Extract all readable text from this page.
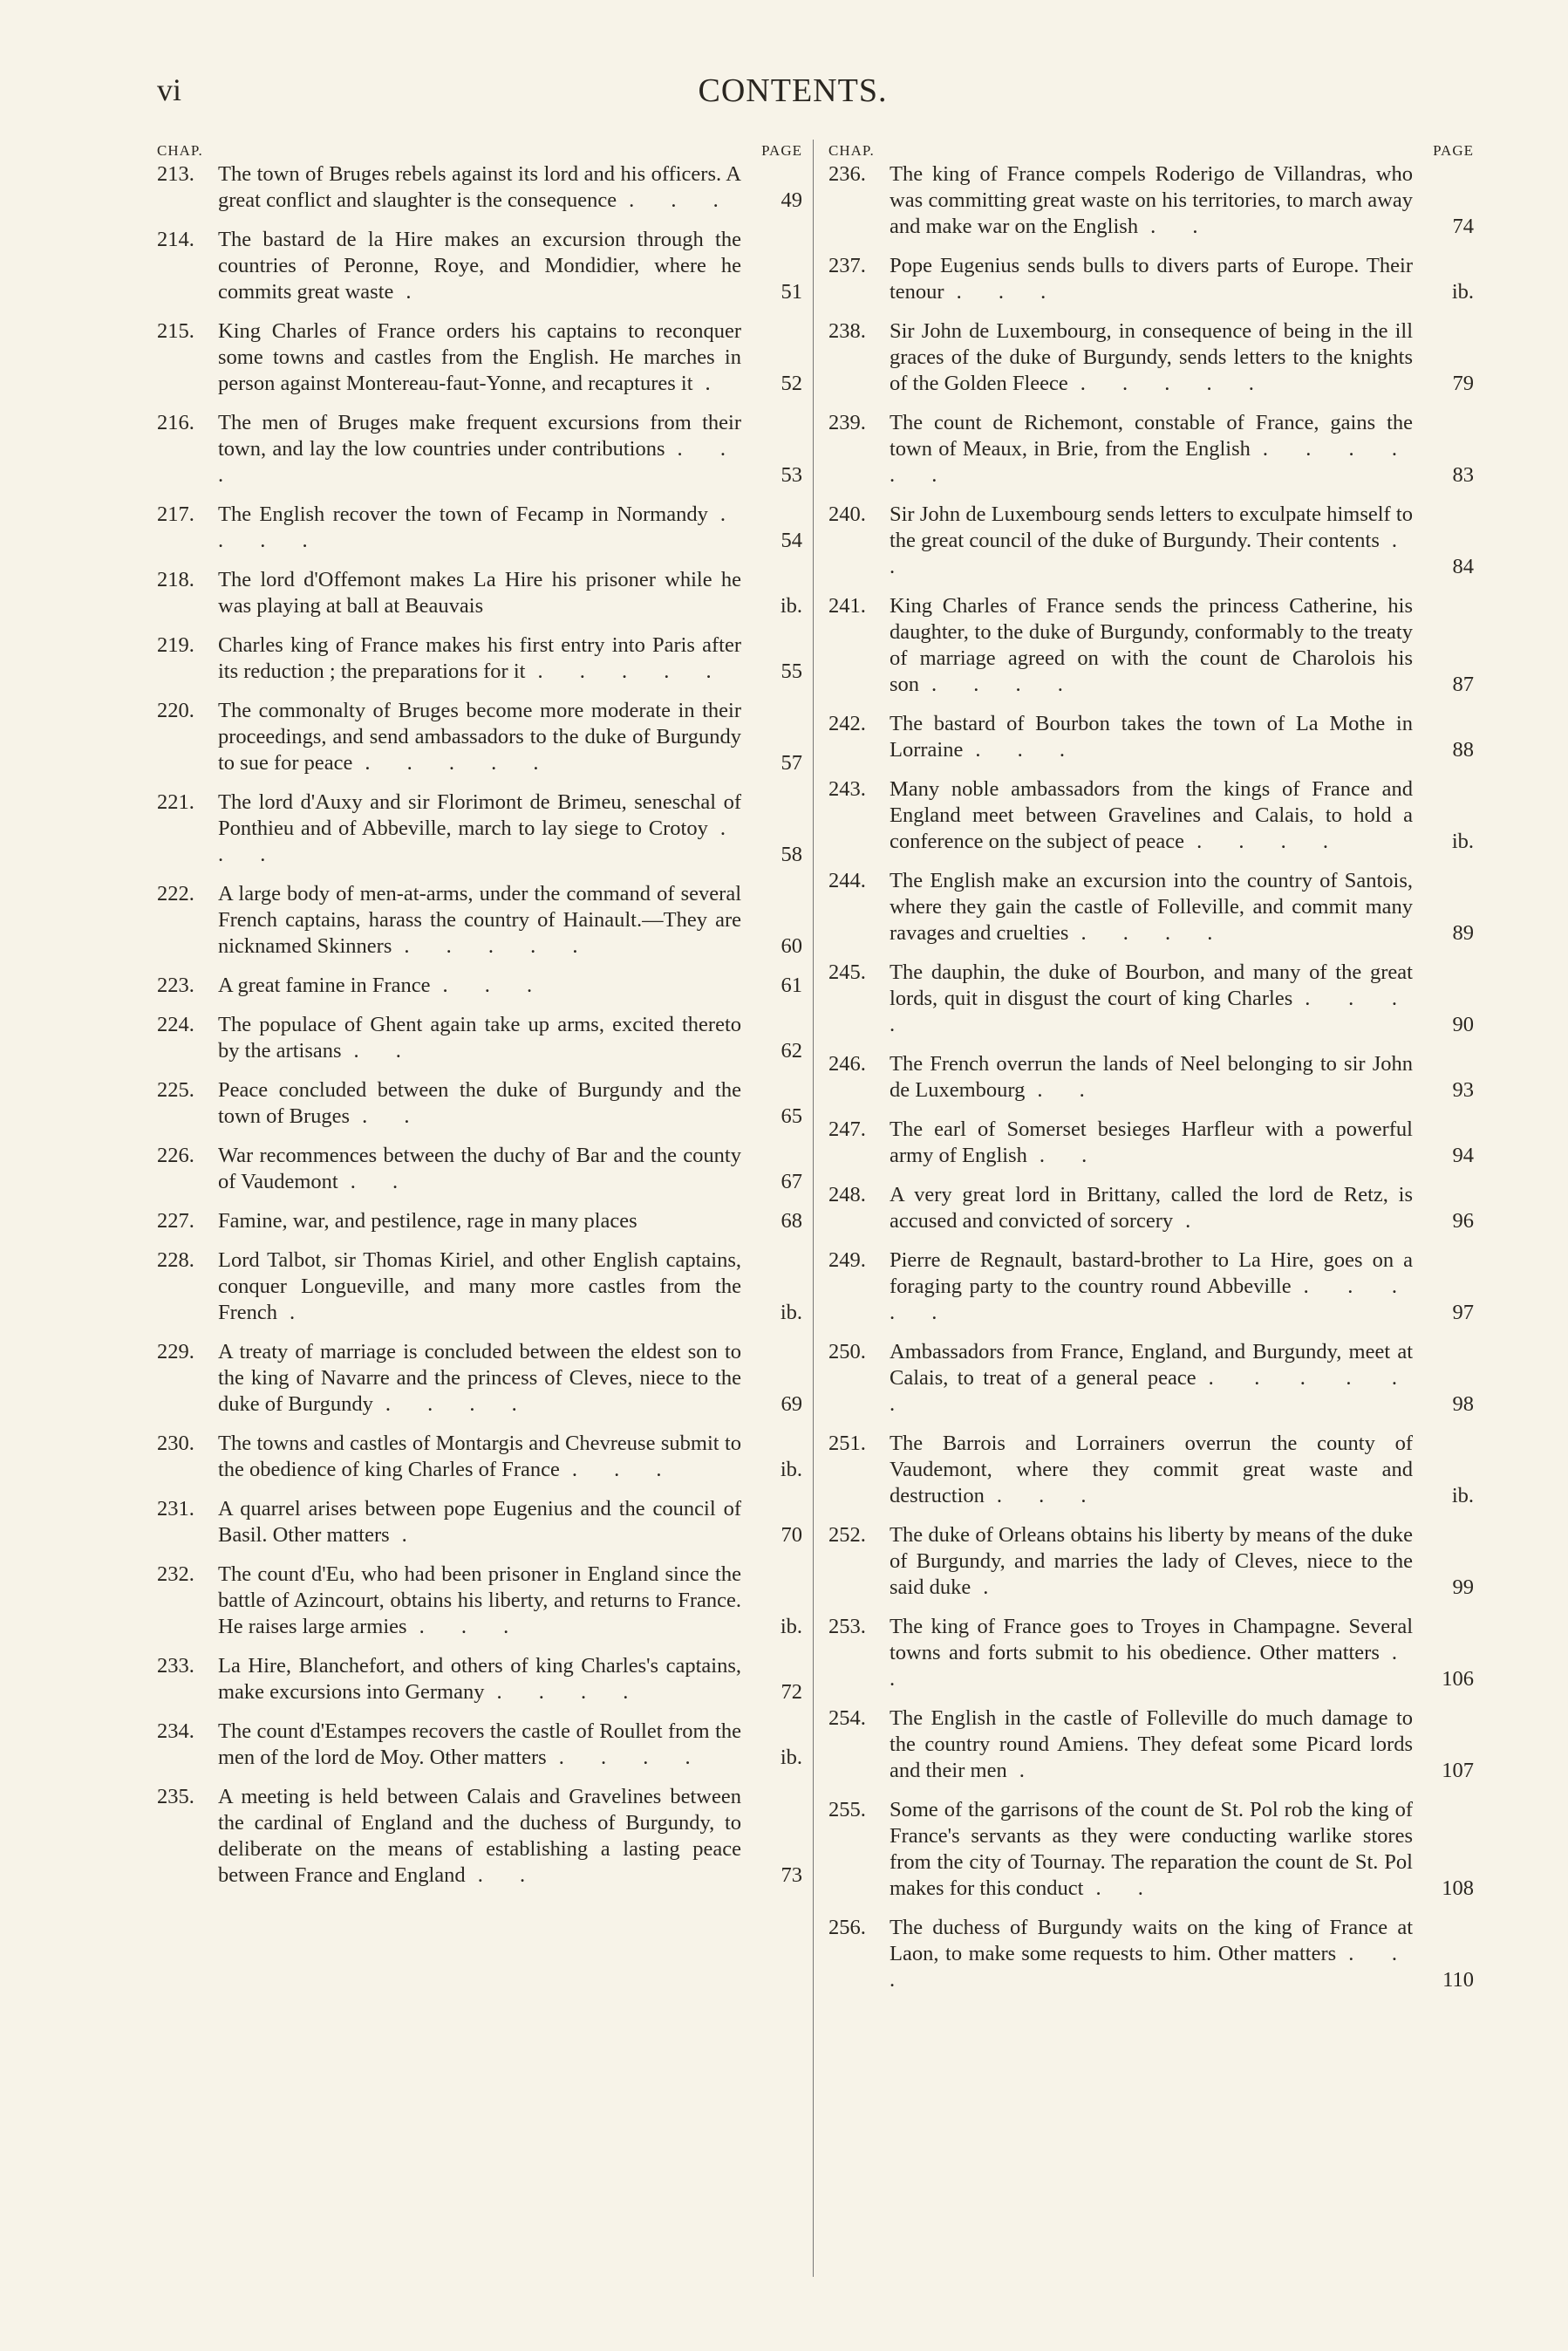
vi	CONTENTS.
CHAP.	PAGE
213.	The town of Bruges rebels against its lord and his officers. A great conflict and slaughter is the consequence . . .	49
214.	The bastard de la Hire makes an excursion through the countries of Peronne, Roye, and Mondidier, where he commits great waste .	51
215.	King Charles of France orders his captains to reconquer some towns and castles from the English. He marches in person against Montereau-faut-Yonne, and recaptures it .	52
216.	The men of Bruges make frequent excursions from their town, and lay the low countries under contributions . . .	53
217.	The English recover the town of Fecamp in Normandy . . . .	54
218.	The lord d'Offemont makes La Hire his prisoner while he was playing at ball at Beauvais	ib.
219.	Charles king of France makes his first entry into Paris after its reduction ; the preparations for it . . . . .	55
220.	The commonalty of Bruges become more moderate in their proceedings, and send ambassadors to the duke of Burgundy to sue for peace . . . . .	57
221.	The lord d'Auxy and sir Florimont de Brimeu, seneschal of Ponthieu and of Abbeville, march to lay siege to Crotoy . . .	58
222.	A large body of men-at-arms, under the command of several French captains, harass the country of Hainault.—They are nicknamed Skinners . . . . .	60
223.	A great famine in France . . .	61
224.	The populace of Ghent again take up arms, excited thereto by the artisans . .	62
225.	Peace concluded between the duke of Burgundy and the town of Bruges . .	65
226.	War recommences between the duchy of Bar and the county of Vaudemont . .	67
227.	Famine, war, and pestilence, rage in many places	68
228.	Lord Talbot, sir Thomas Kiriel, and other English captains, conquer Longueville, and many more castles from the French .	ib.
229.	A treaty of marriage is concluded between the eldest son to the king of Navarre and the princess of Cleves, niece to the duke of Burgundy . . . .	69
230.	The towns and castles of Montargis and Chevreuse submit to the obedience of king Charles of France . . .	ib.
231.	A quarrel arises between pope Eugenius and the council of Basil. Other matters .	70
232.	The count d'Eu, who had been prisoner in England since the battle of Azincourt, obtains his liberty, and returns to France. He raises large armies . . .	ib.
233.	La Hire, Blanchefort, and others of king Charles's captains, make excursions into Germany . . . .	72
234.	The count d'Estampes recovers the castle of Roullet from the men of the lord de Moy. Other matters . . . .	ib.
235.	A meeting is held between Calais and Gravelines between the cardinal of England and the duchess of Burgundy, to deliberate on the means of establishing a lasting peace between France and England . .	73
CHAP.	PAGE
236.	The king of France compels Roderigo de Villandras, who was committing great waste on his territories, to march away and make war on the English . .	74
237.	Pope Eugenius sends bulls to divers parts of Europe. Their tenour . . .	ib.
238.	Sir John de Luxembourg, in consequence of being in the ill graces of the duke of Burgundy, sends letters to the knights of the Golden Fleece . . . . .	79
239.	The count de Richemont, constable of France, gains the town of Meaux, in Brie, from the English . . . . . .	83
240.	Sir John de Luxembourg sends letters to exculpate himself to the great council of the duke of Burgundy. Their contents . .	84
241.	King Charles of France sends the princess Catherine, his daughter, to the duke of Burgundy, conformably to the treaty of marriage agreed on with the count de Charolois his son . . . .	87
242.	The bastard of Bourbon takes the town of La Mothe in Lorraine . . .	88
243.	Many noble ambassadors from the kings of France and England meet between Gravelines and Calais, to hold a conference on the subject of peace . . . .	ib.
244.	The English make an excursion into the country of Santois, where they gain the castle of Folleville, and commit many ravages and cruelties . . . .	89
245.	The dauphin, the duke of Bourbon, and many of the great lords, quit in disgust the court of king Charles . . . .	90
246.	The French overrun the lands of Neel belonging to sir John de Luxembourg . .	93
247.	The earl of Somerset besieges Harfleur with a powerful army of English . .	94
248.	A very great lord in Brittany, called the lord de Retz, is accused and convicted of sorcery .	96
249.	Pierre de Regnault, bastard-brother to La Hire, goes on a foraging party to the country round Abbeville . . . . .	97
250.	Ambassadors from France, England, and Burgundy, meet at Calais, to treat of a general peace . . . . . .	98
251.	The Barrois and Lorrainers overrun the county of Vaudemont, where they commit great waste and destruction . . .	ib.
252.	The duke of Orleans obtains his liberty by means of the duke of Burgundy, and marries the lady of Cleves, niece to the said duke .	99
253.	The king of France goes to Troyes in Champagne. Several towns and forts submit to his obedience. Other matters . .	106
254.	The English in the castle of Folleville do much damage to the country round Amiens. They defeat some Picard lords and their men .	107
255.	Some of the garrisons of the count de St. Pol rob the king of France's servants as they were conducting warlike stores from the city of Tournay. The reparation the count de St. Pol makes for this conduct . .	108
256.	The duchess of Burgundy waits on the king of France at Laon, to make some requests to him. Other matters . . .	110
